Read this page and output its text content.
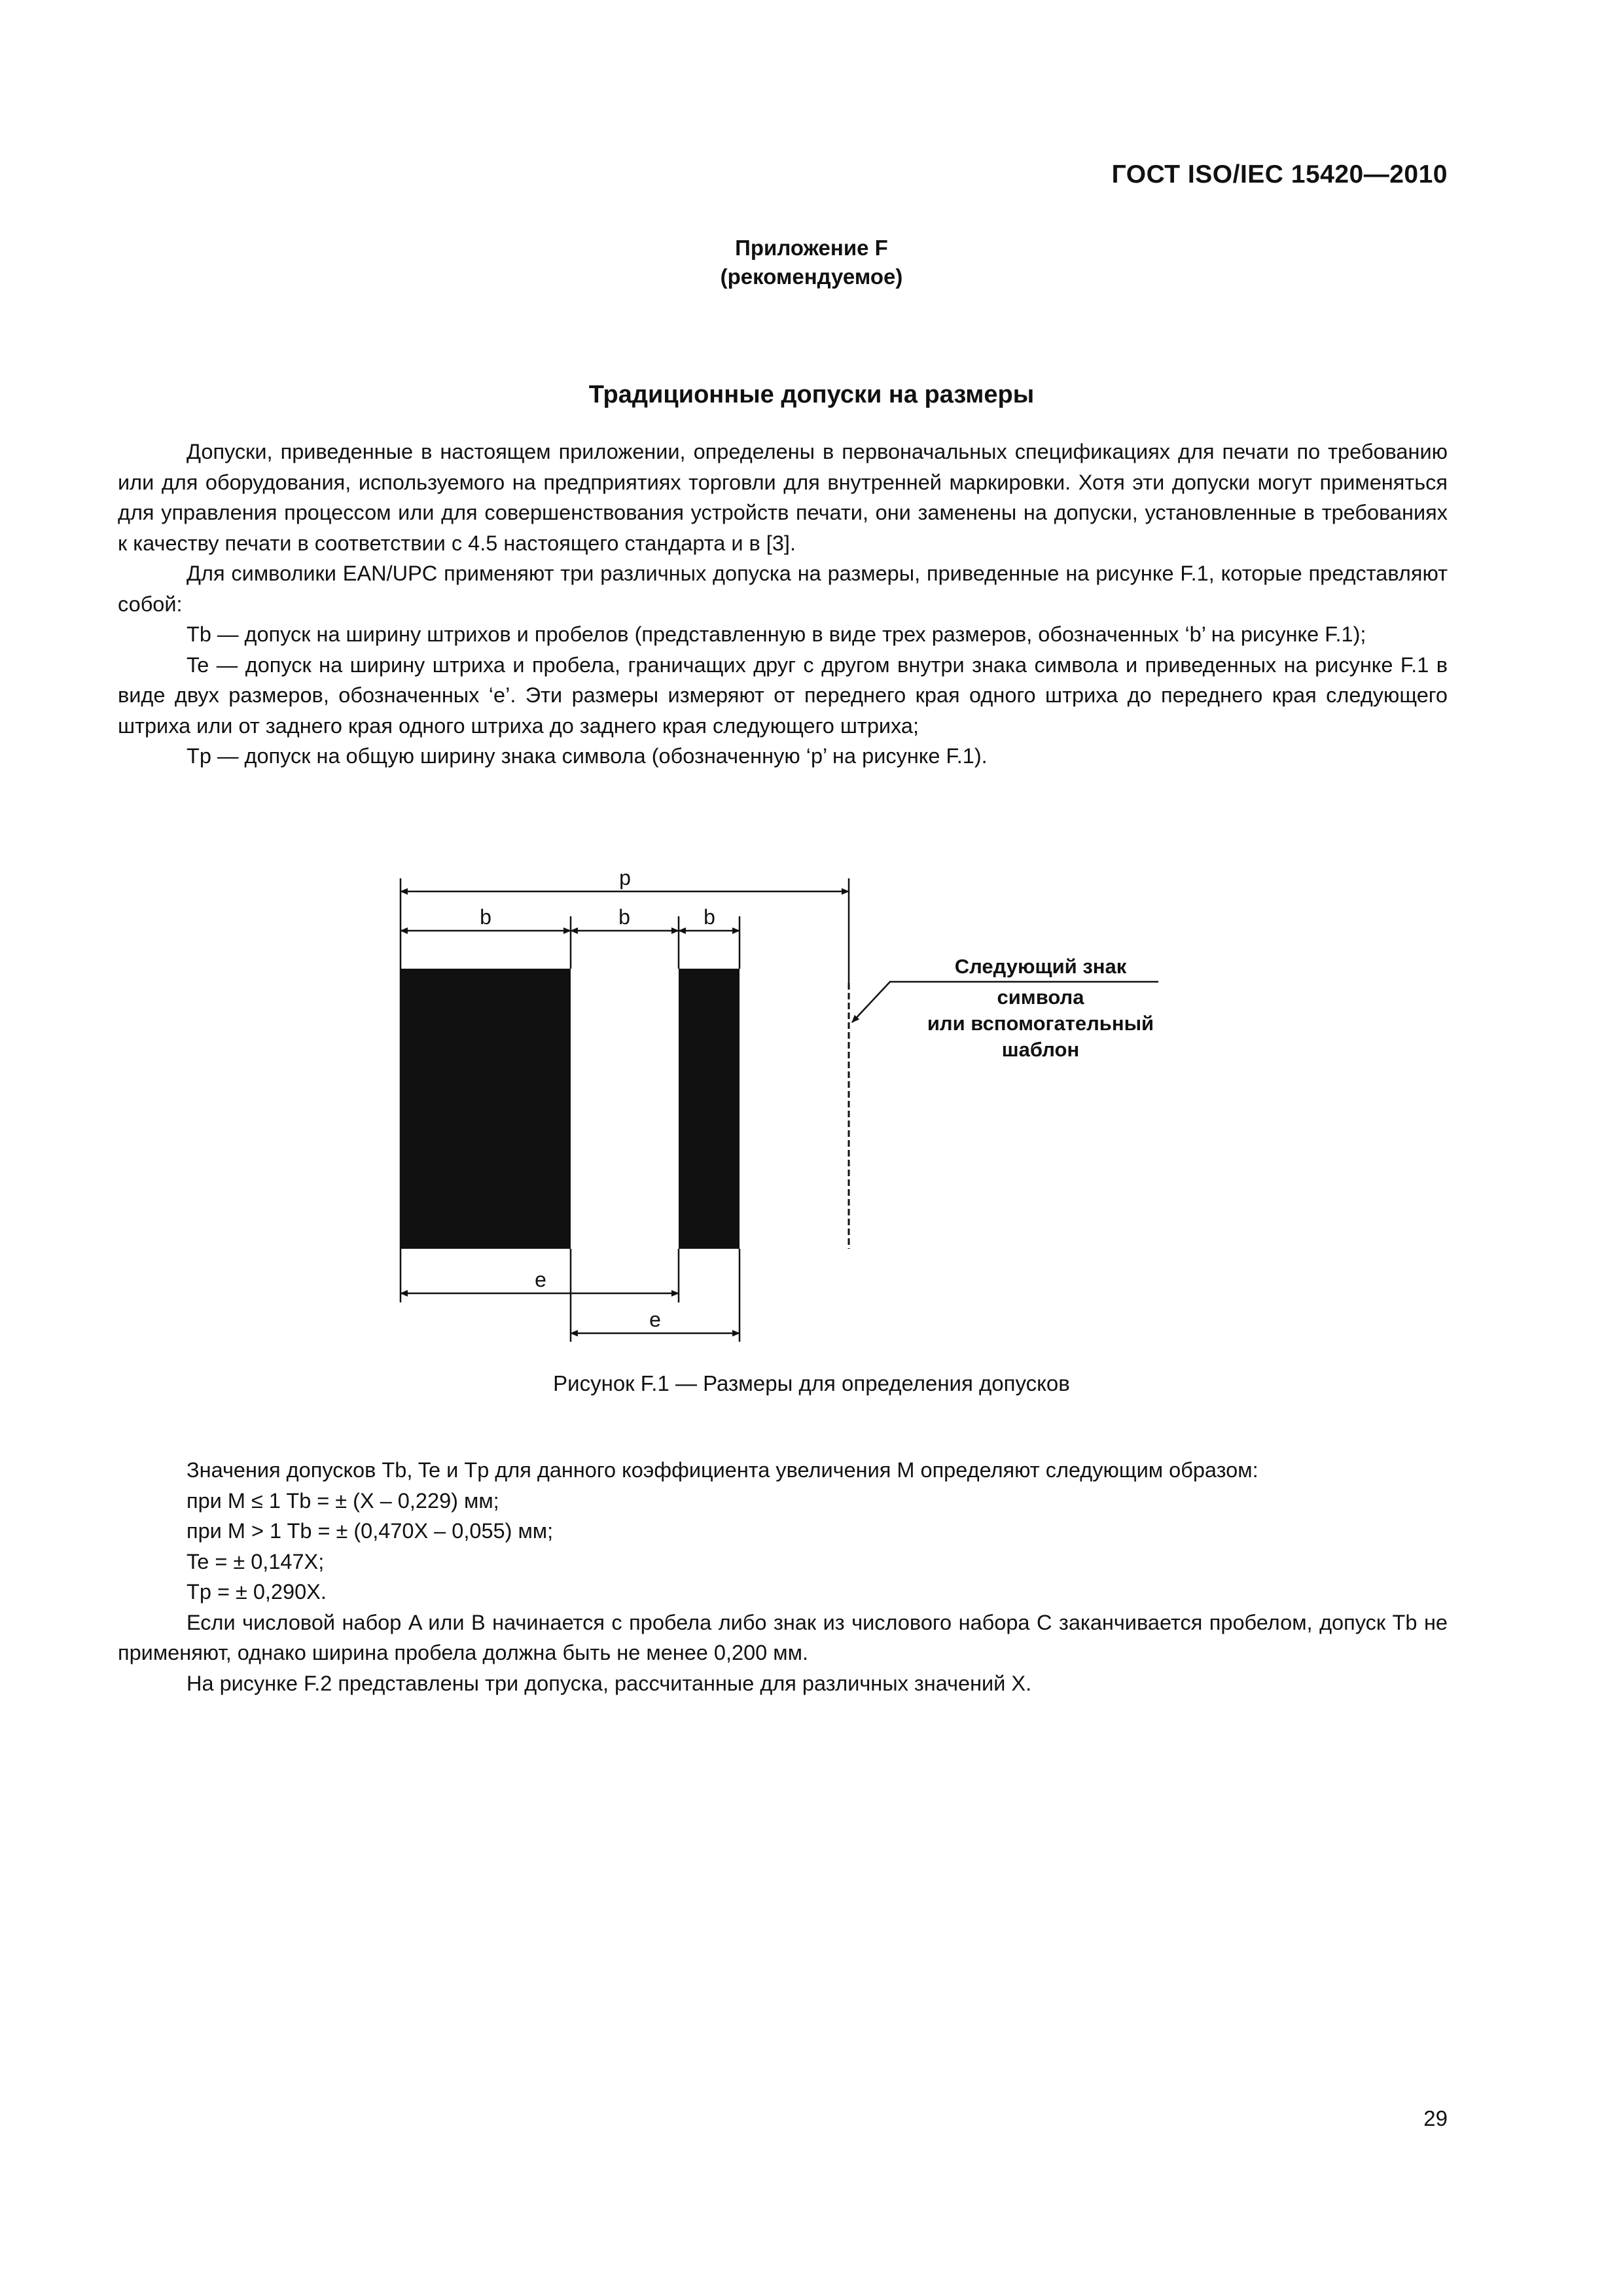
ГОСТ ISO/IEC 15420—2010
Приложение F
(рекомендуемое)
Традиционные допуски на размеры

Допуски, приведенные в настоящем приложении, определены в первоначальных спецификациях для печати по требованию или для оборудования, используемого на предприятиях торговли для внутренней маркировки. Хотя эти допуски могут применяться для управления процессом или для совершенствования устройств печати, они заменены на допуски, установленные в требованиях к качеству печати в соответствии с 4.5 настоящего стандарта и в [3].

Для символики EAN/UPC применяют три различных допуска на размеры, приведенные на рисунке F.1, которые представляют собой:

Tb — допуск на ширину штрихов и пробелов (представленную в виде трех размеров, обозначенных ‘b’ на рисунке F.1);

Te — допуск на ширину штриха и пробела, граничащих друг с другом внутри знака символа и приведенных на рисунке F.1 в виде двух размеров, обозначенных ‘e’. Эти размеры измеряют от переднего края одного штриха до переднего края следующего штриха или от заднего края одного штриха до заднего края следующего штриха;

Tp — допуск на общую ширину знака символа (обозначенную ‘p’ на рисунке F.1).

p
b	b	b
e
e
Следующий знак
символа
или вспомогательный
шаблон
Рисунок F.1 — Размеры для определения допусков

Значения допусков Tb, Te и Tp для данного коэффициента увеличения M определяют следующим образом:

при M ≤ 1 Tb = ± (X – 0,229) мм;

при M > 1 Tb = ± (0,470X – 0,055) мм;

Te = ± 0,147X;

Tp = ± 0,290X.

Если числовой набор A или B начинается с пробела либо знак из числового набора C заканчивается пробелом, допуск Tb не применяют, однако ширина пробела должна быть не менее 0,200 мм.

На рисунке F.2 представлены три допуска, рассчитанные для различных значений X.

29
